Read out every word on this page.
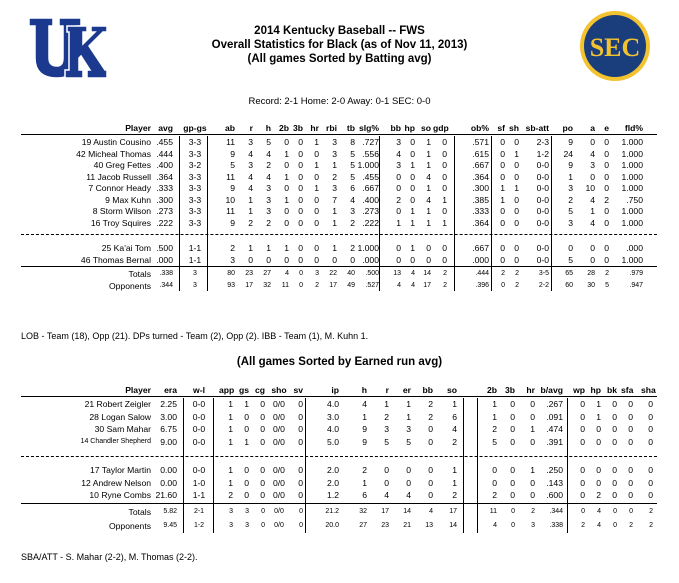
SEC
2014 Kentucky Baseball -- FWS
Overall Statistics for Black (as of Nov 11, 2013)
(All games Sorted by Batting avg)
Record: 2-1 Home: 2-0 Away: 0-1 SEC: 0-0
Player avg gp-gs	ab	r	h 2b 3b hr rbi	tb slg%	bb hp so gdp	ob% sf sh sb-att	po	a	e	fld%
19 Austin Cousino .455	3-3	11	3	5	0	0	1	3	8 .727	3	0	1	0	.571	0	0	2-3	9	0	0	1.000
42 Micheal Thomas .444	3-3	9	4	4	1	0	0	3	5 .556	4	0	1	0	.615	0	1	1-2	24	4	0	1.000
40 Greg Fettes .400	3-2	5	3	2	0	0	1	1	5 1.000	3	1	1	0	.667	0	0	0-0	9	3	0	1.000
11 Jacob Russell .364	3-3	11	4	4	1	0	0	2	5 .455	0	0	4	0	.364	0	0	0-0	1	0	0	1.000
7 Connor Heady .333	3-3	9	4	3	0	0	1	3	6 .667	0	0	1	0	.300	1	1	0-0	3	10	0	1.000
9 Max Kuhn .300	3-3	10	1	3	1	0	0	7	4 .400	2	0	4	1	.385	1	0	0-0	2	4	2	.750
8 Storm Wilson .273	3-3	11	1	3	0	0	0	1	3 .273	0	1	1	0	.333	0	0	0-0	5	1	0	1.000
16 Troy Squires .222	3-3	9	2	2	0	0	0	1	2 .222	1	1	1	1	.364	0	0	0-0	3	4	0	1.000
25 Ka'ai Tom .500	1-1	2	1	1	1	0	0	1	2 1.000	0	1	0	0	.667	0	0	0-0	0	0	0	.000
46 Thomas Bernal .000	1-1	3	0	0	0	0	0	0	0 .000	0	0	0	0	.000	0	0	0-0	5	0	0	1.000
Totals	.338	3	80	23	27	4	0	3	22	40	.500	13	4	14	2	.444	2	2	3-5	65	28	2	.979
Opponents	.344	3	93	17	32	11	0	2	17	49	.527	4	4	17	2	.396	0	2	2-2	60	30	5	.947
LOB - Team (18), Opp (21). DPs turned - Team (2), Opp (2). IBB - Team (1), M. Kuhn 1.
(All games Sorted by Earned run avg)
Player	era	w-l	app gs cg sho sv	ip	h	r	er	bb	so	2b 3b	hr b/avg wp hp bk sfa sha
21 Robert Zeigler	2.25	0-0	1	1	0 0/0	0	4.0	4	1	1	2	1	1	0	0	.267	0	1	0	0	0
28 Logan Salow	3.00	0-0	1	0	0 0/0	0	3.0	1	2	1	2	6	1	0	0	.091	0	1	0	0	0
30 Sam Mahar	6.75	0-0	1	0	0 0/0	0	4.0	9	3	3	0	4	2	0	1	.474	0	0	0	0	0
14 Chandler Shepherd	9.00	0-0	1	1	0 0/0	0	5.0	9	5	5	0	2	5	0	0	.391	0	0	0	0	0
17 Taylor Martin	0.00	0-0	1	0	0 0/0	0	2.0	2	0	0	0	1	0	0	1	.250	0	0	0	0	0
12 Andrew Nelson	0.00	1-0	1	0	0 0/0	0	2.0	1	0	0	0	1	0	0	0	.143	0	0	0	0	0
10 Ryne Combs 21.60	1-1	2	0	0 0/0	0	1.2	6	4	4	0	2	2	0	0	.600	0	2	0	0	0
Totals	5.82	2-1	3	3	0	0/0	0	21.2	32	17	14	4	17	11	0	2	.344	0	4	0	0	2
Opponents	9.45	1-2	3	3	0	0/0	0	20.0	27	23	21	13	14	4	0	3	.338	2	4	0	2	2
SBA/ATT - S. Mahar (2-2), M. Thomas (2-2).
